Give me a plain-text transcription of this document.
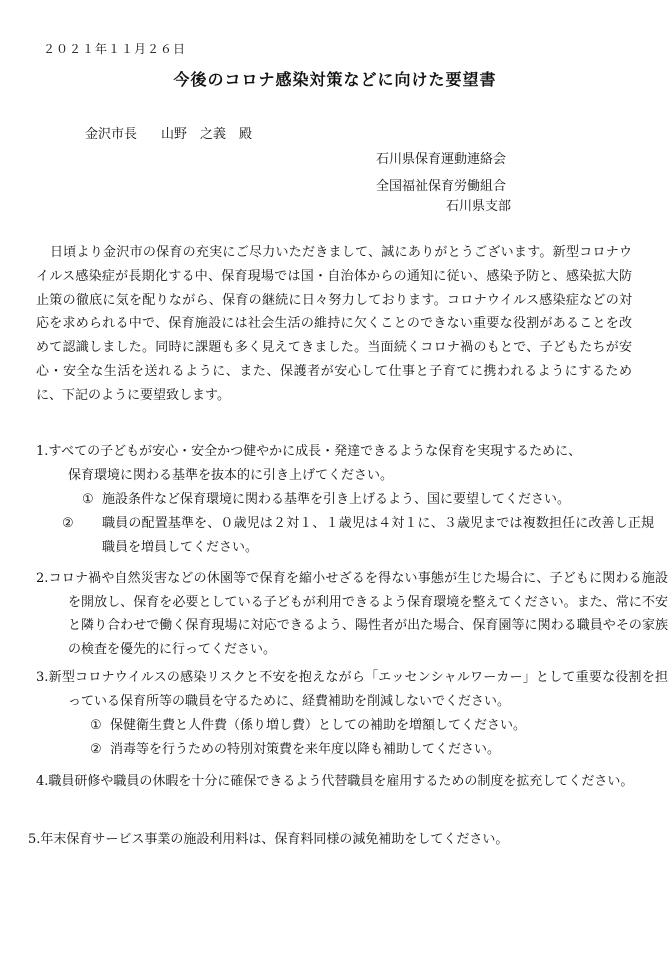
２０２１年１１月２６日
今後のコロナ感染対策などに向けた要望書
金沢市長 山野　之義　殿
石川県保育運動連絡会
全国福祉保育労働組合
石川県支部
日頃より金沢市の保育の充実にご尽力いただきまして、誠にありがとうございます。新型コロナウイルス感染症が長期化する中、保育現場では国・自治体からの通知に従い、感染予防と、感染拡大防止策の徹底に気を配りながら、保育の継続に日々努力しております。コロナウイルス感染症などの対応を求められる中で、保育施設には社会生活の維持に欠くことのできない重要な役割があることを改めて認識しました。同時に課題も多く見えてきました。当面続くコロナ禍のもとで、子どもたちが安心・安全な生活を送れるように、また、保護者が安心して仕事と子育てに携われるようにするために、下記のように要望致します。
1.すべての子どもが安心・安全かつ健やかに成長・発達できるような保育を実現するために、
保育環境に関わる基準を抜本的に引き上げてください。
① 施設条件など保育環境に関わる基準を引き上げるよう、国に要望してください。
② 職員の配置基準を、０歳児は２対１、１歳児は４対１に、３歳児までは複数担任に改善し正規職員を増員してください。
2.コロナ禍や自然災害などの休園等で保育を縮小せざるを得ない事態が生じた場合に、子どもに関わる施設を開放し、保育を必要としている子どもが利用できるよう保育環境を整えてください。また、常に不安と隣り合わせで働く保育現場に対応できるよう、陽性者が出た場合、保育園等に関わる職員やその家族の検査を優先的に行ってください。
3.新型コロナウイルスの感染リスクと不安を抱えながら「エッセンシャルワーカー」として重要な役割を担っている保育所等の職員を守るために、経費補助を削減しないでください。
① 保健衛生費と人件費（係り増し費）としての補助を増額してください。
② 消毒等を行うための特別対策費を来年度以降も補助してください。
4.職員研修や職員の休暇を十分に確保できるよう代替職員を雇用するための制度を拡充してください。
5.年末保育サービス事業の施設利用料は、保育料同様の減免補助をしてください。
